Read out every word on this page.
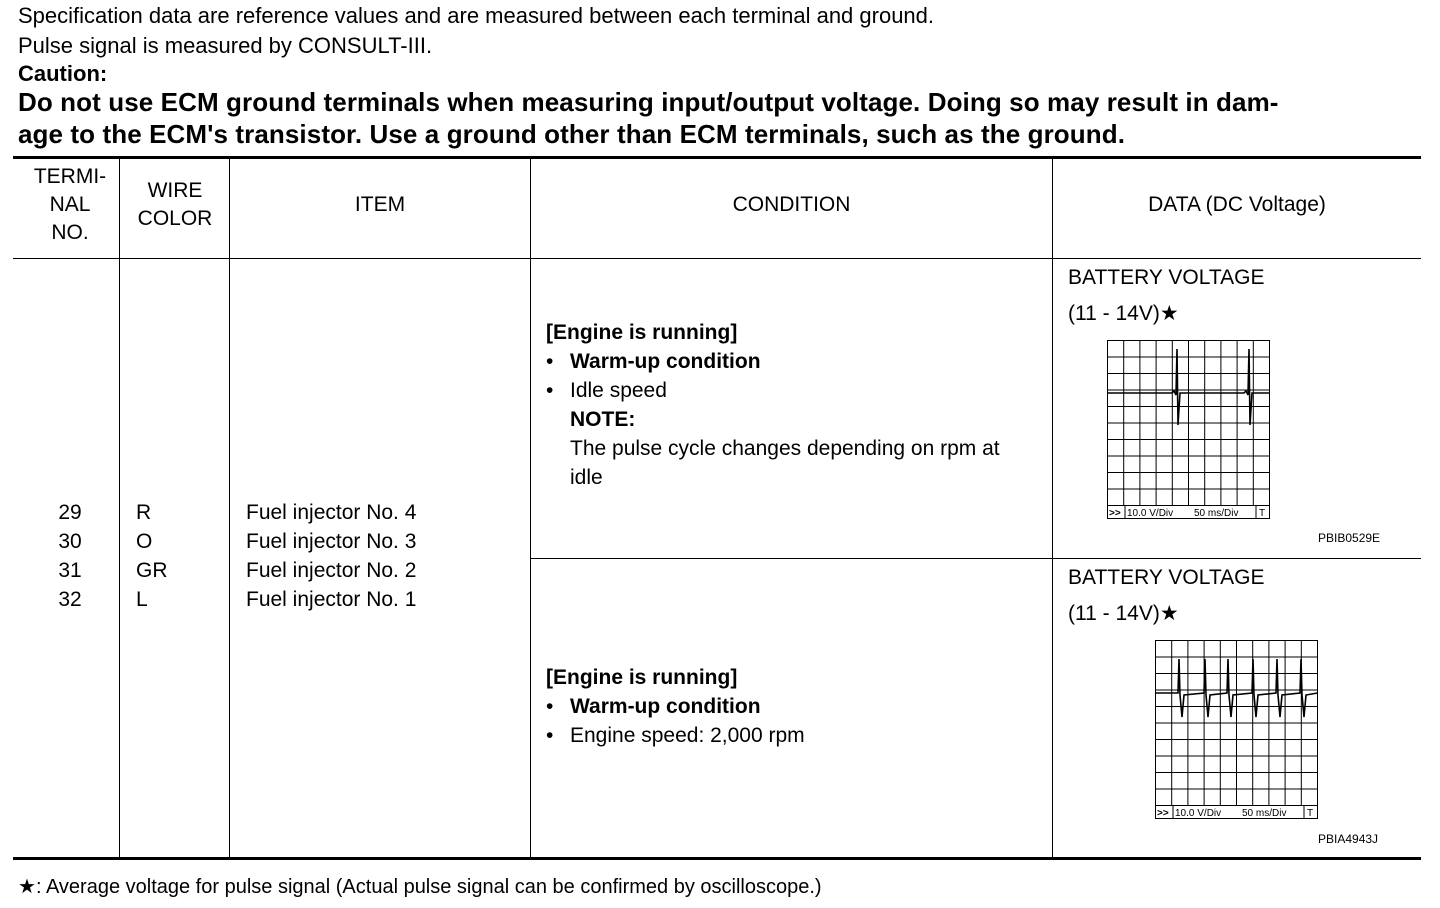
Specification data are reference values and are measured between each terminal and ground.
Pulse signal is measured by CONSULT-III.
Caution:
Do not use ECM ground terminals when measuring input/output voltage. Doing so may result in dam-
age to the ECM's transistor. Use a ground other than ECM terminals, such as the ground.
TERMI-
NAL
NO.
WIRE
COLOR
ITEM	CONDITION	DATA (DC Voltage)
29
30
31
32
R
O
GR
L
Fuel injector No. 4
Fuel injector No. 3
Fuel injector No. 2
Fuel injector No. 1
[Engine is running]
• Warm-up condition
• Idle speed
NOTE:
The pulse cycle changes depending on rpm at
idle
[Engine is running]
• Warm-up condition
• Engine speed: 2,000 rpm
BATTERY VOLTAGE
(11 - 14V)★
>> 10.0 V/Div 50 ms/Div T
PBIB0529E
BATTERY VOLTAGE
(11 - 14V)★
>> 10.0 V/Div 50 ms/Div T
PBIA4943J
★: Average voltage for pulse signal (Actual pulse signal can be confirmed by oscilloscope.)
